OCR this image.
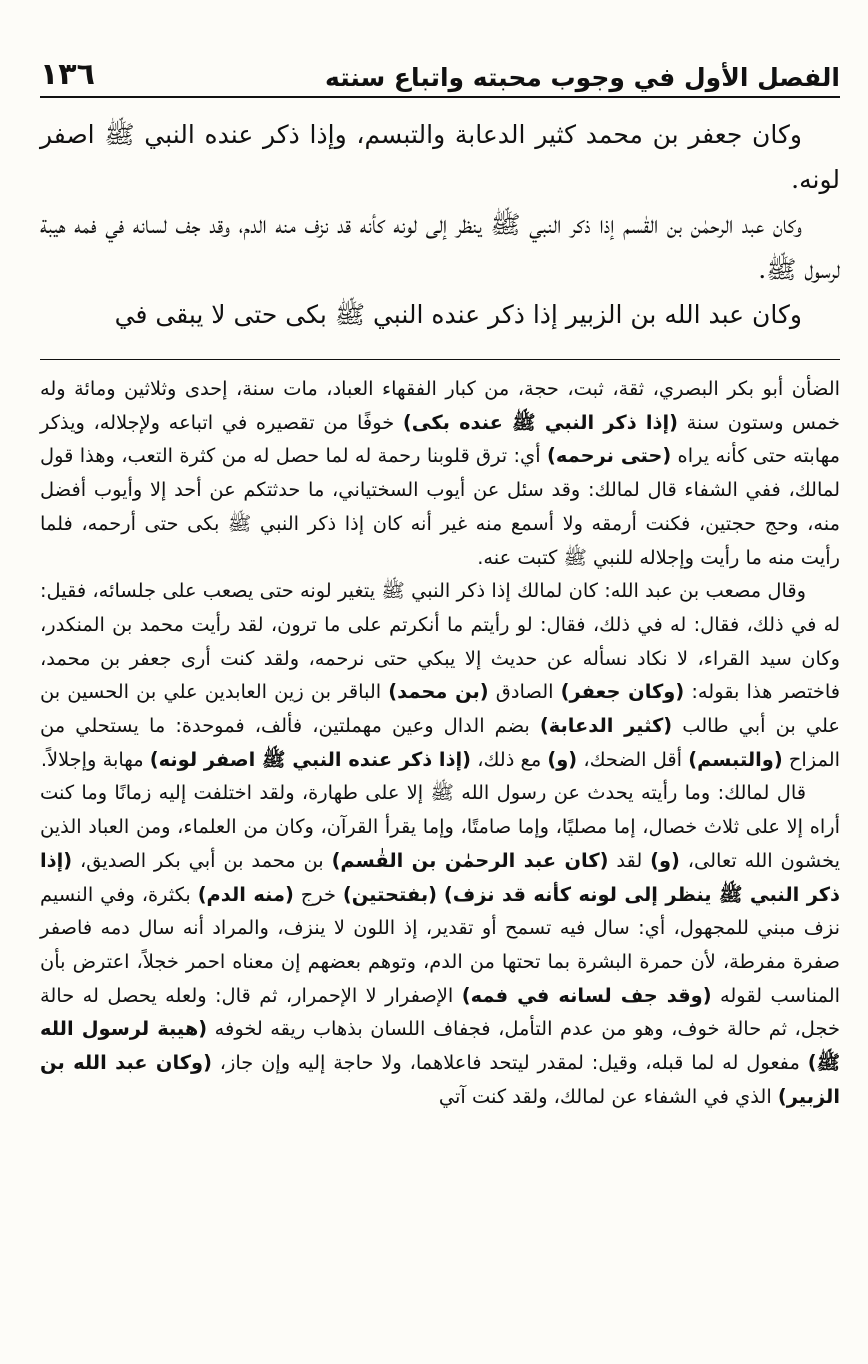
الفصل الأول في وجوب محبته واتباع سنته
١٣٦

وكان جعفر بن محمد كثير الدعابة والتبسم، وإذا ذكر عنده النبي ﷺ اصفر لونه.

وكان عبد الرحمٰن بن القٰسم إذا ذكر النبي ﷺ ينظر إلى لونه كأنه قد نزف منه الدم، وقد جف لسانه في فمه هيبة لرسول ﷺ.

وكان عبد الله بن الزبير إذا ذكر عنده النبي ﷺ بكى حتى لا يبقى في

الضأن أبو بكر البصري، ثقة، ثبت، حجة، من كبار الفقهاء العباد، مات سنة، إحدى وثلاثين ومائة وله خمس وستون سنة (إذا ذكر النبي ﷺ عنده بكى) خوفًا من تقصيره في اتباعه ولإجلاله، ويذكر مهابته حتى كأنه يراه (حتى نرحمه) أي: ترق قلوبنا رحمة له لما حصل له من كثرة التعب، وهذا قول لمالك، ففي الشفاء قال لمالك: وقد سئل عن أيوب السختياني، ما حدثتكم عن أحد إلا وأيوب أفضل منه، وحج حجتين، فكنت أرمقه ولا أسمع منه غير أنه كان إذا ذكر النبي ﷺ بكى حتى أرحمه، فلما رأيت منه ما رأيت وإجلاله للنبي ﷺ كتبت عنه.

وقال مصعب بن عبد الله: كان لمالك إذا ذكر النبي ﷺ يتغير لونه حتى يصعب على جلسائه، فقيل: له في ذلك، فقال: له في ذلك، فقال: لو رأيتم ما أنكرتم على ما ترون، لقد رأيت محمد بن المنكدر، وكان سيد القراء، لا نكاد نسأله عن حديث إلا يبكي حتى نرحمه، ولقد كنت أرى جعفر بن محمد، فاختصر هذا بقوله: (وكان جعفر) الصادق (بن محمد) الباقر بن زين العابدين علي بن الحسين بن علي بن أبي طالب (كثير الدعابة) بضم الدال وعين مهملتين، فألف، فموحدة: ما يستحلي من المزاح (والتبسم) أقل الضحك، (و) مع ذلك، (إذا ذكر عنده النبي ﷺ اصفر لونه) مهابة وإجلالاً.

قال لمالك: وما رأيته يحدث عن رسول الله ﷺ إلا على طهارة، ولقد اختلفت إليه زمانًا وما كنت أراه إلا على ثلاث خصال، إما مصليًا، وإما صامتًا، وإما يقرأ القرآن، وكان من العلماء، ومن العباد الذين يخشون الله تعالى، (و) لقد (كان عبد الرحمٰن بن القٰسم) بن محمد بن أبي بكر الصديق، (إذا ذكر النبي ﷺ ينظر إلى لونه كأنه قد نزف) (بفتحتين) خرج (منه الدم) بكثرة، وفي النسيم نزف مبني للمجهول، أي: سال فيه تسمح أو تقدير، إذ اللون لا ينزف، والمراد أنه سال دمه فاصفر صفرة مفرطة، لأن حمرة البشرة بما تحتها من الدم، وتوهم بعضهم إن معناه احمر خجلاً، اعترض بأن المناسب لقوله (وقد جف لسانه في فمه) الإصفرار لا الإحمرار، ثم قال: ولعله يحصل له حالة خجل، ثم حالة خوف، وهو من عدم التأمل، فجفاف اللسان بذهاب ريقه لخوفه (هيبة لرسول الله ﷺ) مفعول له لما قبله، وقيل: لمقدر ليتحد فاعلاهما، ولا حاجة إليه وإن جاز، (وكان عبد الله بن الزبير) الذي في الشفاء عن لمالك، ولقد كنت آتي
